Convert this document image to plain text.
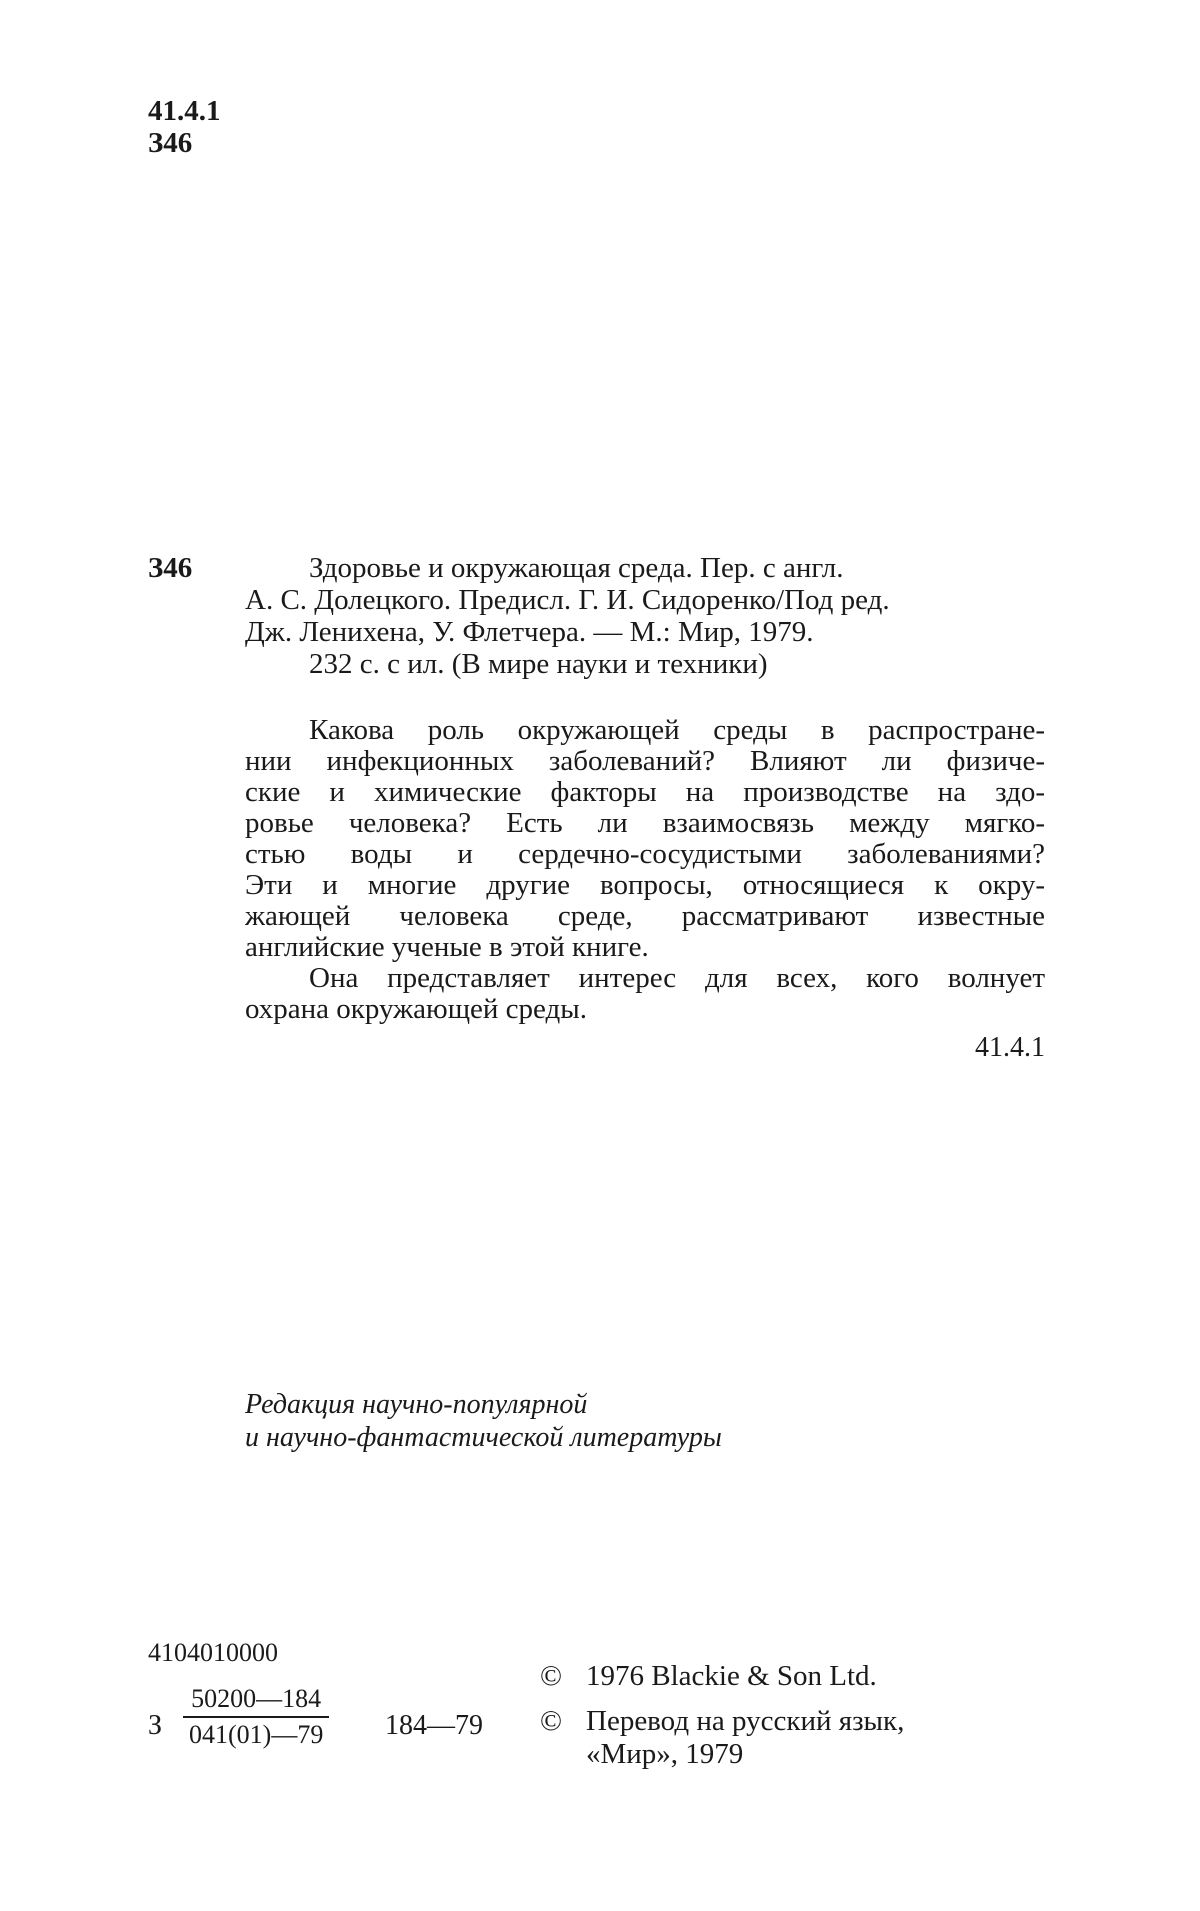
41.4.1
З46
З46	Здоровье и окружающая среда. Пер. с англ.
А. С. Долецкого. Предисл. Г. И. Сидоренко/Под ред.
Дж. Ленихена, У. Флетчера. — М.: Мир, 1979.
232 с. с ил. (В мире науки и техники)
Какова роль окружающей среды в распростране-
нии инфекционных заболеваний? Влияют ли физиче-
ские и химические факторы на производстве на здо-
ровье человека? Есть ли взаимосвязь между мягко-
стью воды и сердечно-сосудистыми заболеваниями?
Эти и многие другие вопросы, относящиеся к окру-
жающей человека среде, рассматривают известные
английские ученые в этой книге.
Она представляет интерес для всех, кого волнует
охрана окружающей среды.
41.4.1
Редакция научно-популярной
и научно-фантастической литературы
4104010000
З $\frac{50200—184}{041(01)—79}$ 184—79
© 1976 Blackie & Son Ltd.
© Перевод на русский язык,
«Мир», 1979
